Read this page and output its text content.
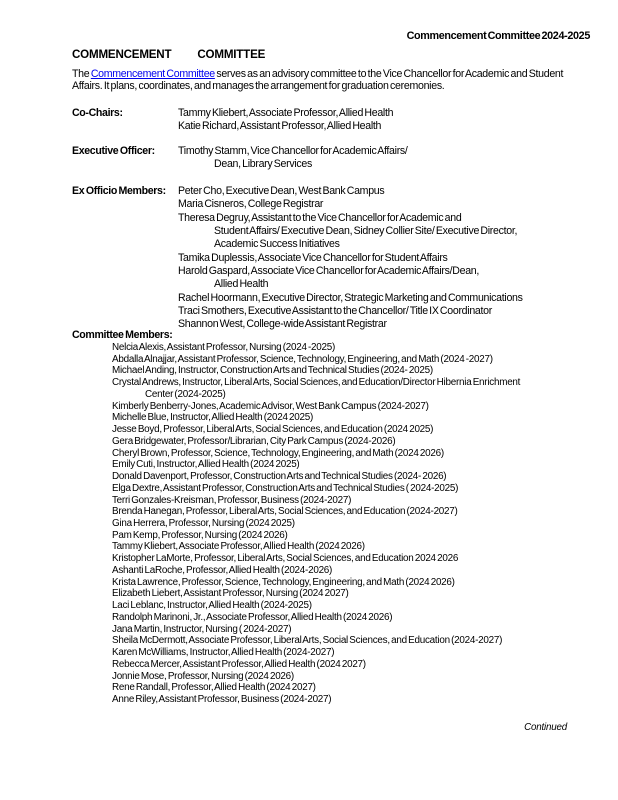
Commencement Committee 2024-2025
COMMENCEMENT COMMITTEE
The Commencement Committee serves as an advisory committee to the Vice Chancellor for Academic and Student Affairs. It plans, coordinates, and manages the arrangement for graduation ceremonies.
Co-Chairs:	Tammy Kliebert, Associate Professor, Allied Health
Katie Richard, Assistant Professor, Allied Health
Executive Officer: Timothy Stamm, Vice Chancellor for Academic Affairs/
Dean, Library Services
Ex Officio Members: Peter Cho, Executive Dean, West Bank Campus
Maria Cisneros, College Registrar
Theresa Degruy, Assistant to the Vice Chancellor for Academic and
Student Affairs/ Executive Dean, Sidney Collier Site/ Executive Director,
Academic Success Initiatives
Tamika Duplessis, Associate Vice Chancellor for Student Affairs
Harold Gaspard, Associate Vice Chancellor for Academic Affairs/Dean,
Allied Health
Rachel Hoormann, Executive Director, Strategic Marketing and Communications
Traci Smothers, Executive Assistant to the Chancellor/ Title IX Coordinator
Shannon West, College-wide Assistant Registrar
Committee Members:
Nelcia Alexis, Assistant Professor, Nursing (2024 -2025)
Abdalla Alnajjar, Assistant Professor, Science, Technology, Engineering, and Math (2024 -2027)
Michael Anding, Instructor, Construction Arts and Technical Studies (2024- 2025)
Crystal Andrews, Instructor, Liberal Arts, Social Sciences, and Education/Director Hibernia Enrichment
Center (2024-2025)
Kimberly Benberry-Jones, Academic Advisor, West Bank Campus (2024-2027)
Michelle Blue, Instructor, Allied Health (2024 2025)
Jesse Boyd, Professor, Liberal Arts, Social Sciences, and Education (2024 2025)
Gera Bridgewater, Professor/Librarian, City Park Campus (2024-2026)
Cheryl Brown, Professor, Science, Technology, Engineering, and Math (2024 2026)
Emily Cuti, Instructor, Allied Health (2024 2025)
Donald Davenport, Professor, Construction Arts and Technical Studies (2024- 2026)
Elga Dextre, Assistant Professor, Construction Arts and Technical Studies ( 2024-2025)
Terri Gonzales-Kreisman, Professor, Business (2024-2027)
Brenda Hanegan, Professor, Liberal Arts, Social Sciences, and Education (2024-2027)
Gina Herrera, Professor, Nursing (2024 2025)
Pam Kemp, Professor, Nursing (2024 2026)
Tammy Kliebert, Associate Professor, Allied Health (2024 2026)
Kristopher LaMorte, Professor, Liberal Arts, Social Sciences, and Education 2024 2026
Ashanti LaRoche, Professor, Allied Health (2024-2026)
Krista Lawrence, Professor, Science, Technology, Engineering, and Math (2024 2026)
Elizabeth Liebert, Assistant Professor, Nursing (2024 2027)
Laci Leblanc, Instructor, Allied Health (2024-2025)
Randolph Marinoni, Jr., Associate Professor, Allied Health (2024 2026)
Jana Martin, Instructor, Nursing ( 2024-2027)
Sheila McDermott, Associate Professor, Liberal Arts, Social Sciences, and Education (2024-2027)
Karen McWilliams, Instructor, Allied Health (2024-2027)
Rebecca Mercer, Assistant Professor, Allied Health (2024 2027)
Jonnie Mose, Professor, Nursing (2024 2026)
Rene Randall, Professor, Allied Health (2024 2027)
Anne Riley, Assistant Professor, Business (2024-2027)
Continued
